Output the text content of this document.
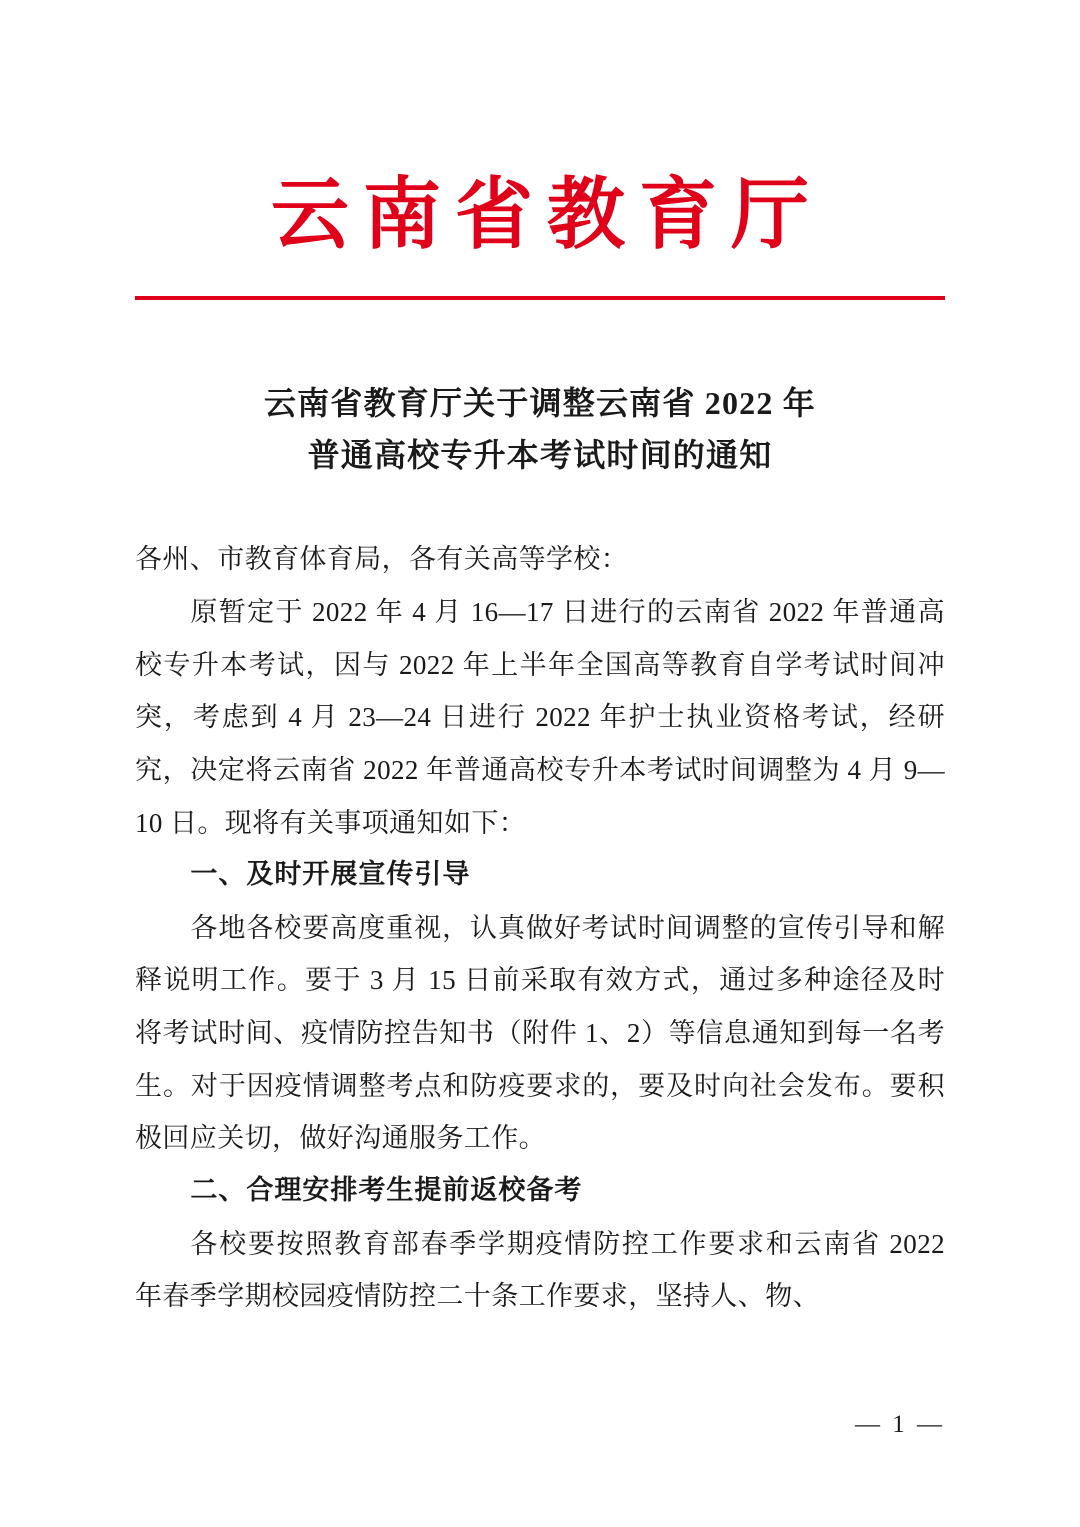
云南省教育厅
云南省教育厅关于调整云南省 2022 年
普通高校专升本考试时间的通知

各州、市教育体育局，各有关高等学校：

原暂定于 2022 年 4 月 16—17 日进行的云南省 2022 年普通高校专升本考试，因与 2022 年上半年全国高等教育自学考试时间冲突，考虑到 4 月 23—24 日进行 2022 年护士执业资格考试，经研究，决定将云南省 2022 年普通高校专升本考试时间调整为 4 月 9—10 日。现将有关事项通知如下：

一、及时开展宣传引导

各地各校要高度重视，认真做好考试时间调整的宣传引导和解释说明工作。要于 3 月 15 日前采取有效方式，通过多种途径及时将考试时间、疫情防控告知书（附件 1、2）等信息通知到每一名考生。对于因疫情调整考点和防疫要求的，要及时向社会发布。要积极回应关切，做好沟通服务工作。

二、合理安排考生提前返校备考

各校要按照教育部春季学期疫情防控工作要求和云南省 2022 年春季学期校园疫情防控二十条工作要求，坚持人、物、

— 1 —
